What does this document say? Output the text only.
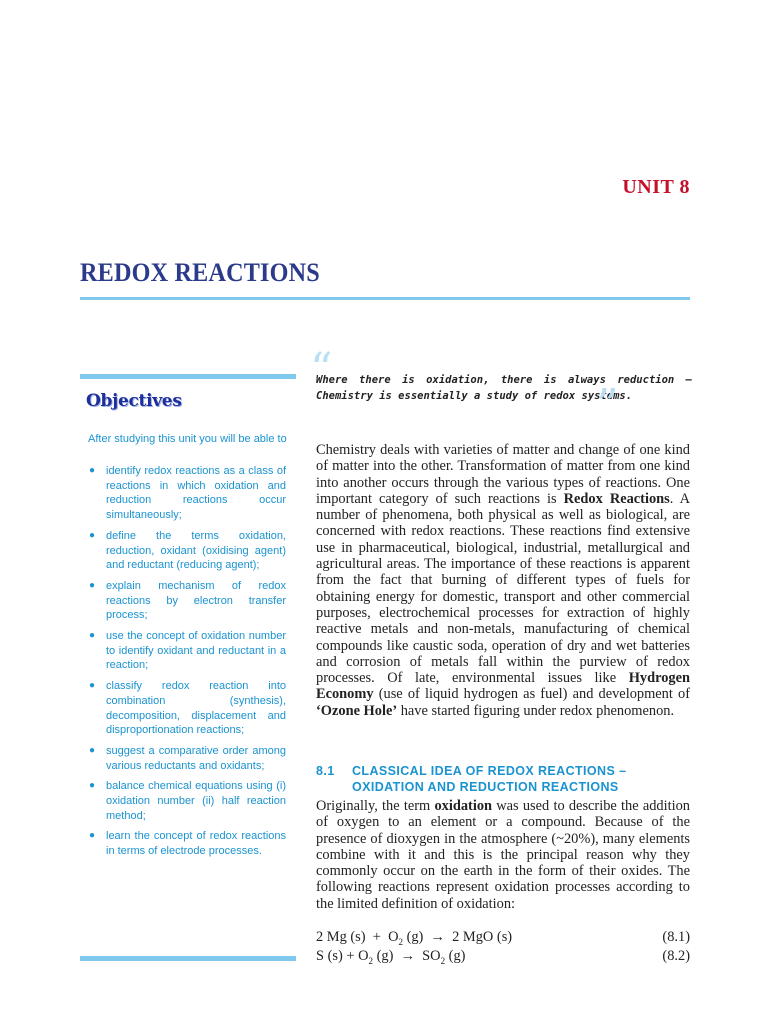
UNIT 8
REDOX REACTIONS
Objectives

After studying this unit you will be able to

● identify redox reactions as a class of reactions in which oxidation and reduction reactions occur simultaneously;
● define the terms oxidation, reduction, oxidant (oxidising agent) and reductant (reducing agent);
● explain mechanism of redox reactions by electron transfer process;
● use the concept of oxidation number to identify oxidant and reductant in a reaction;
● classify redox reaction into combination (synthesis), decomposition, displacement and disproportionation reactions;
● suggest a comparative order among various reductants and oxidants;
● balance chemical equations using (i) oxidation number (ii) half reaction method;
● learn the concept of redox reactions in terms of electrode processes.
“

Where there is oxidation, there is always reduction – Chemistry is essentially a study of redox systems.

”

Chemistry deals with varieties of matter and change of one kind of matter into the other. Transformation of matter from one kind into another occurs through the various types of reactions. One important category of such reactions is Redox Reactions. A number of phenomena, both physical as well as biological, are concerned with redox reactions. These reactions find extensive use in pharmaceutical, biological, industrial, metallurgical and agricultural areas. The importance of these reactions is apparent from the fact that burning of different types of fuels for obtaining energy for domestic, transport and other commercial purposes, electrochemical processes for extraction of highly reactive metals and non-metals, manufacturing of chemical compounds like caustic soda, operation of dry and wet batteries and corrosion of metals fall within the purview of redox processes. Of late, environmental issues like Hydrogen Economy (use of liquid hydrogen as fuel) and development of ‘Ozone Hole’ have started figuring under redox phenomenon.

8.1 CLASSICAL IDEA OF REDOX REACTIONS –
OXIDATION AND REDUCTION REACTIONS

Originally, the term oxidation was used to describe the addition of oxygen to an element or a compound. Because of the presence of dioxygen in the atmosphere (~20%), many elements combine with it and this is the principal reason why they commonly occur on the earth in the form of their oxides. The following reactions represent oxidation processes according to the limited definition of oxidation:

2 Mg $(s) + O_2$ (g)  →  2 MgO (s)	(8.1)
S $(s) + O_2$ $(g) \to SO_2$ (g)	(8.2)
